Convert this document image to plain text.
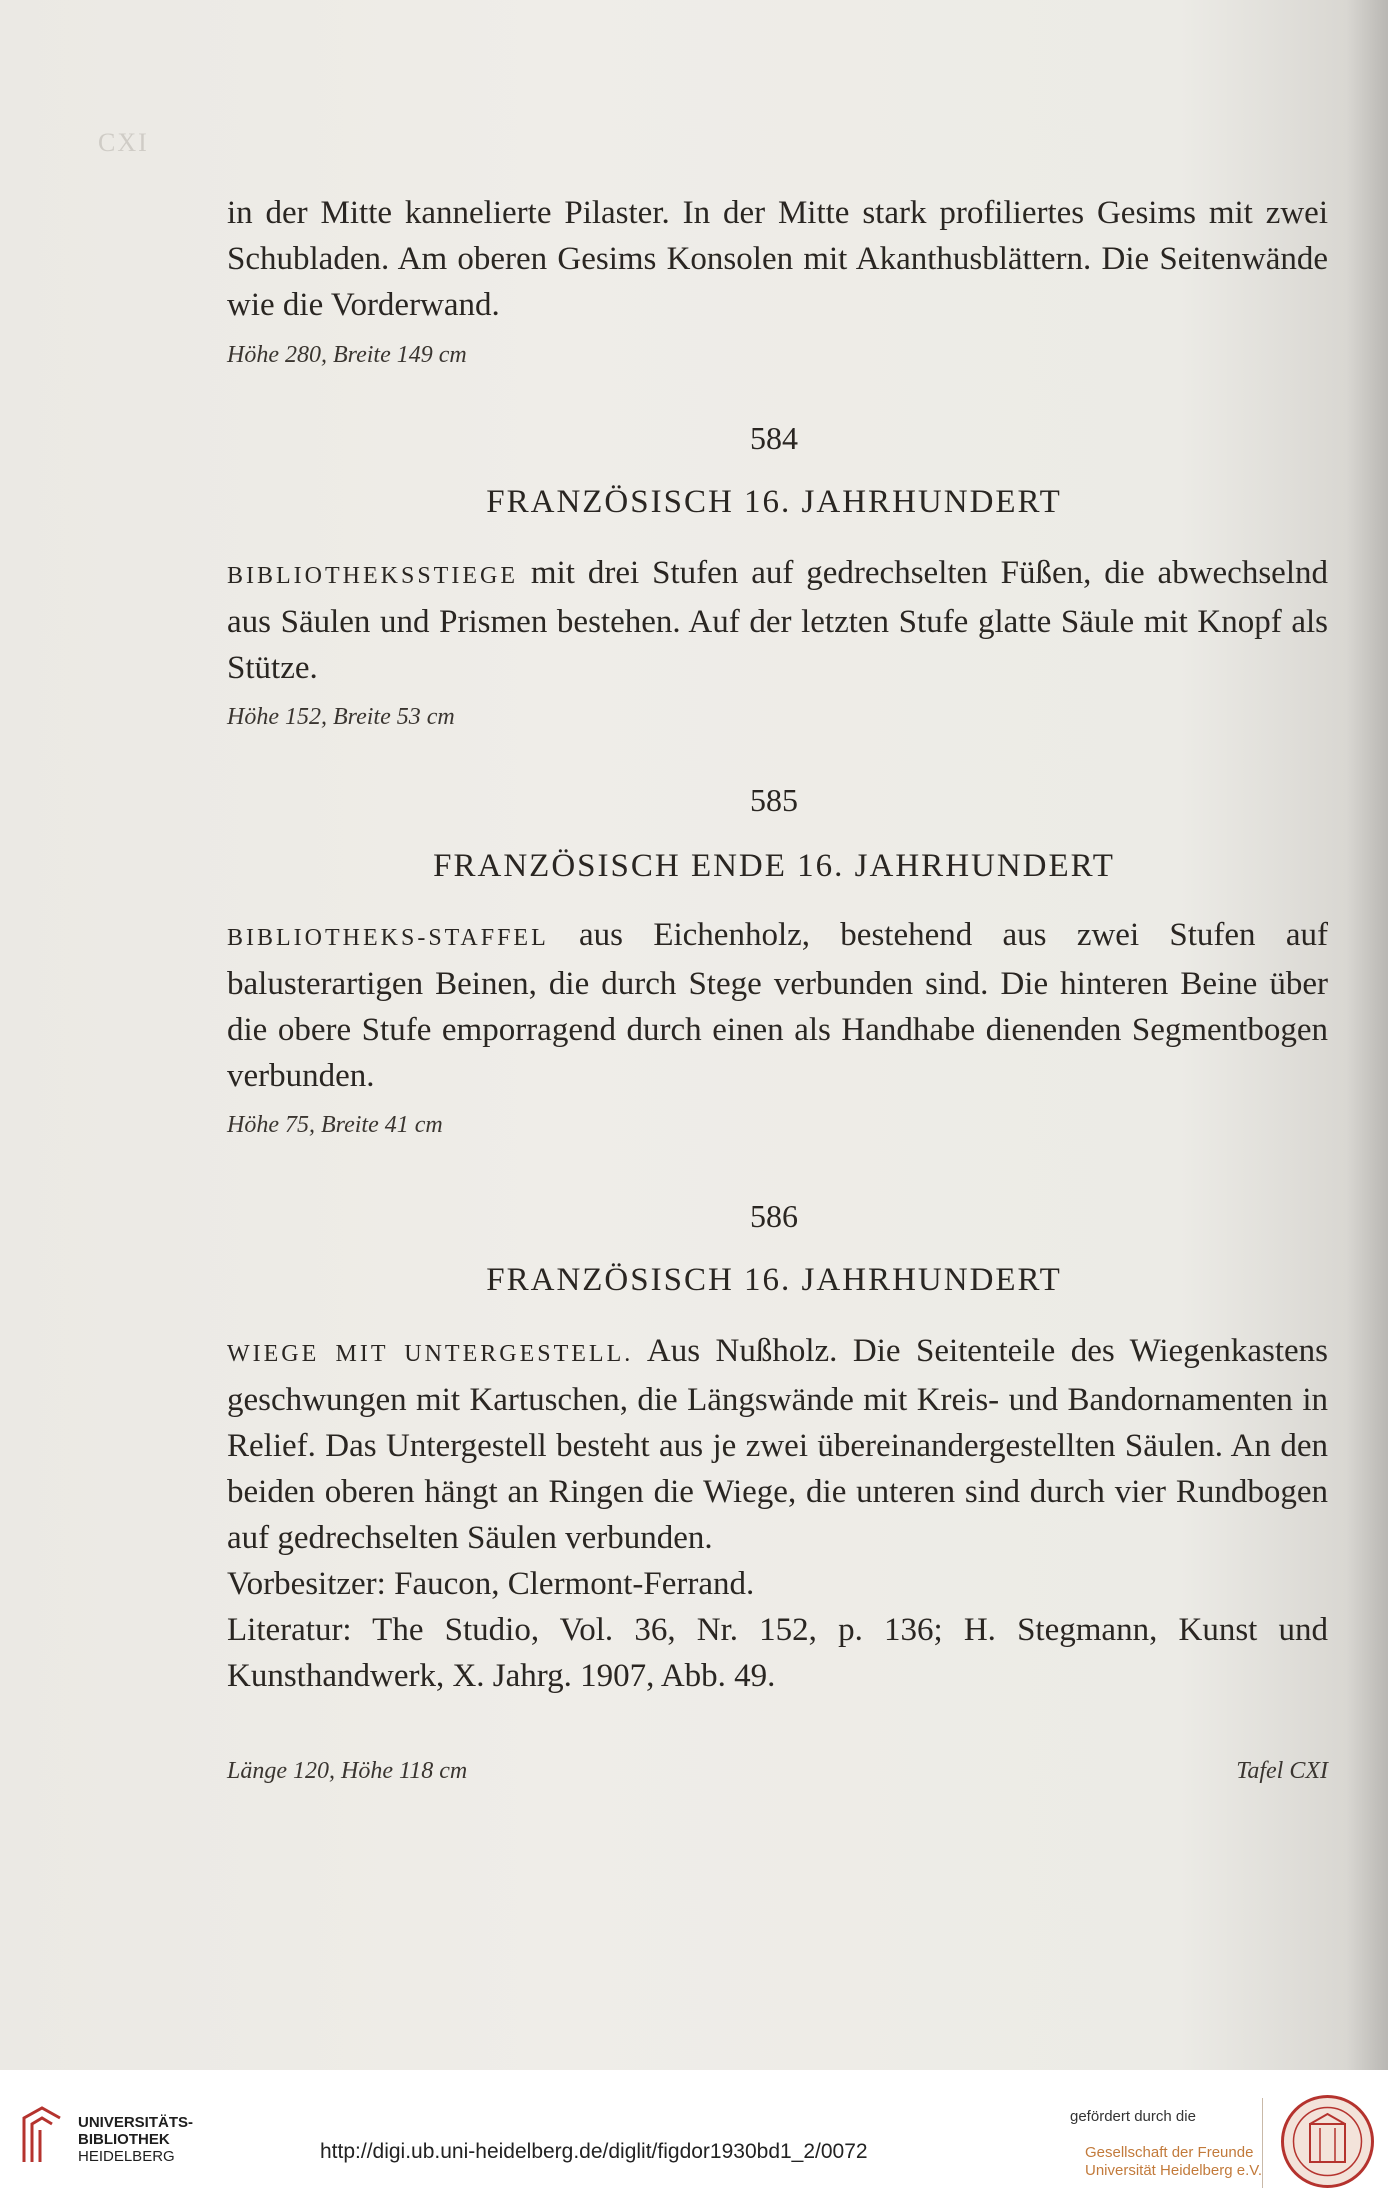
CXI

in der Mitte kannelierte Pilaster. In der Mitte stark profiliertes Gesims mit zwei Schubladen. Am oberen Gesims Konsolen mit Akanthusblättern. Die Seitenwände wie die Vorderwand.

Höhe 280, Breite 149 cm
584
FRANZÖSISCH 16. JAHRHUNDERT

BIBLIOTHEKSSTIEGE mit drei Stufen auf gedrechselten Füßen, die abwechselnd aus Säulen und Prismen bestehen. Auf der letzten Stufe glatte Säule mit Knopf als Stütze.

Höhe 152, Breite 53 cm
585
FRANZÖSISCH ENDE 16. JAHRHUNDERT

BIBLIOTHEKS-STAFFEL aus Eichenholz, bestehend aus zwei Stufen auf balusterartigen Beinen, die durch Stege verbunden sind. Die hinteren Beine über die obere Stufe emporragend durch einen als Handhabe dienenden Segmentbogen verbunden.

Höhe 75, Breite 41 cm
586
FRANZÖSISCH 16. JAHRHUNDERT

WIEGE MIT UNTERGESTELL. Aus Nußholz. Die Seitenteile des Wiegenkastens geschwungen mit Kartuschen, die Längswände mit Kreis- und Bandornamenten in Relief. Das Untergestell besteht aus je zwei übereinandergestellten Säulen. An den beiden oberen hängt an Ringen die Wiege, die unteren sind durch vier Rundbogen auf gedrechselten Säulen verbunden.

Vorbesitzer: Faucon, Clermont-Ferrand.

Literatur: The Studio, Vol. 36, Nr. 152, p. 136; H. Stegmann, Kunst und Kunsthandwerk, X. Jahrg. 1907, Abb. 49.

Länge 120, Höhe 118 cm	Tafel CXI
UNIVERSITÄTS-
BIBLIOTHEK
HEIDELBERG	http://digi.ub.uni-heidelberg.de/diglit/figdor1930bd1_2/0072
gefördert durch die
Gesellschaft der Freunde
Universität Heidelberg e.V.
